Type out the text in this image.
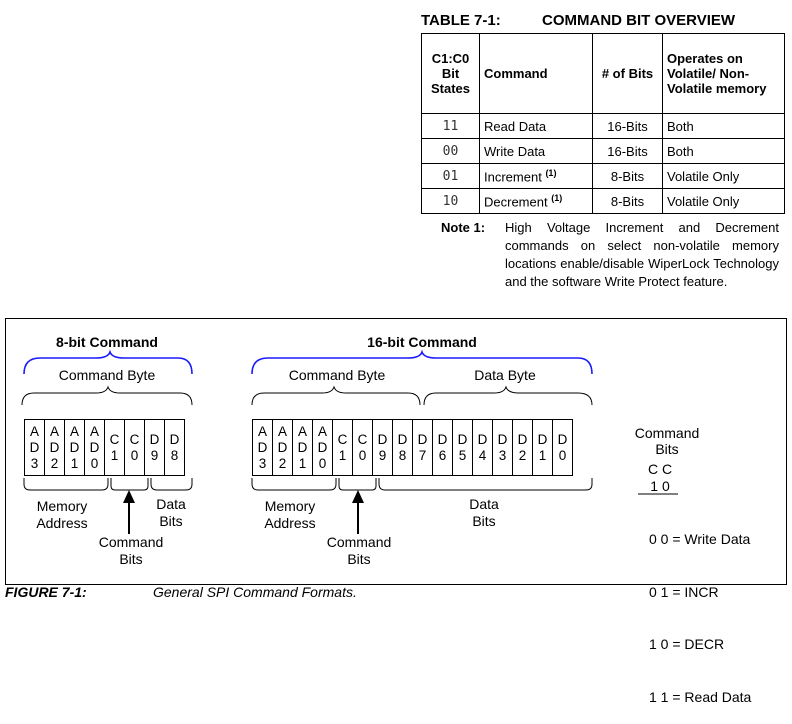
TABLE 7-1:	COMMAND BIT OVERVIEW
C1:C0 Bit States	Command	# of Bits	Operates on Volatile/ Non-Volatile memory
11	Read Data	16-Bits	Both
00	Write Data	16-Bits	Both
01	Increment $^{(1)}$	8-Bits	Volatile Only
10	Decrement $^{(1)}$	8-Bits	Volatile Only
Note 1: High Voltage Increment and Decrement commands on select non-volatile memory locations enable/disable WiperLock Technology and the software Write Protect feature.
8-bit Command
Command Byte
A
D
3
A
D
2
A
D
1
A
D
0
C
1
C
0
D
9
D
8
Memory Address
Command Bits
Data Bits
16-bit Command
Command Byte	Data Byte
A
D
3
A
D
2
A
D
1
A
D
0
C
1
C
0
D
9
D
8
D
7
D
6
D
5
D
4
D
3
D
2
D
1
D
0
Memory Address
Command Bits
Data Bits
Command Bits
C C
1 0

0 0 = Write Data

0 1 = INCR

1 0 = DECR

1 1 = Read Data

FIGURE 7-1:	General SPI Command Formats.
